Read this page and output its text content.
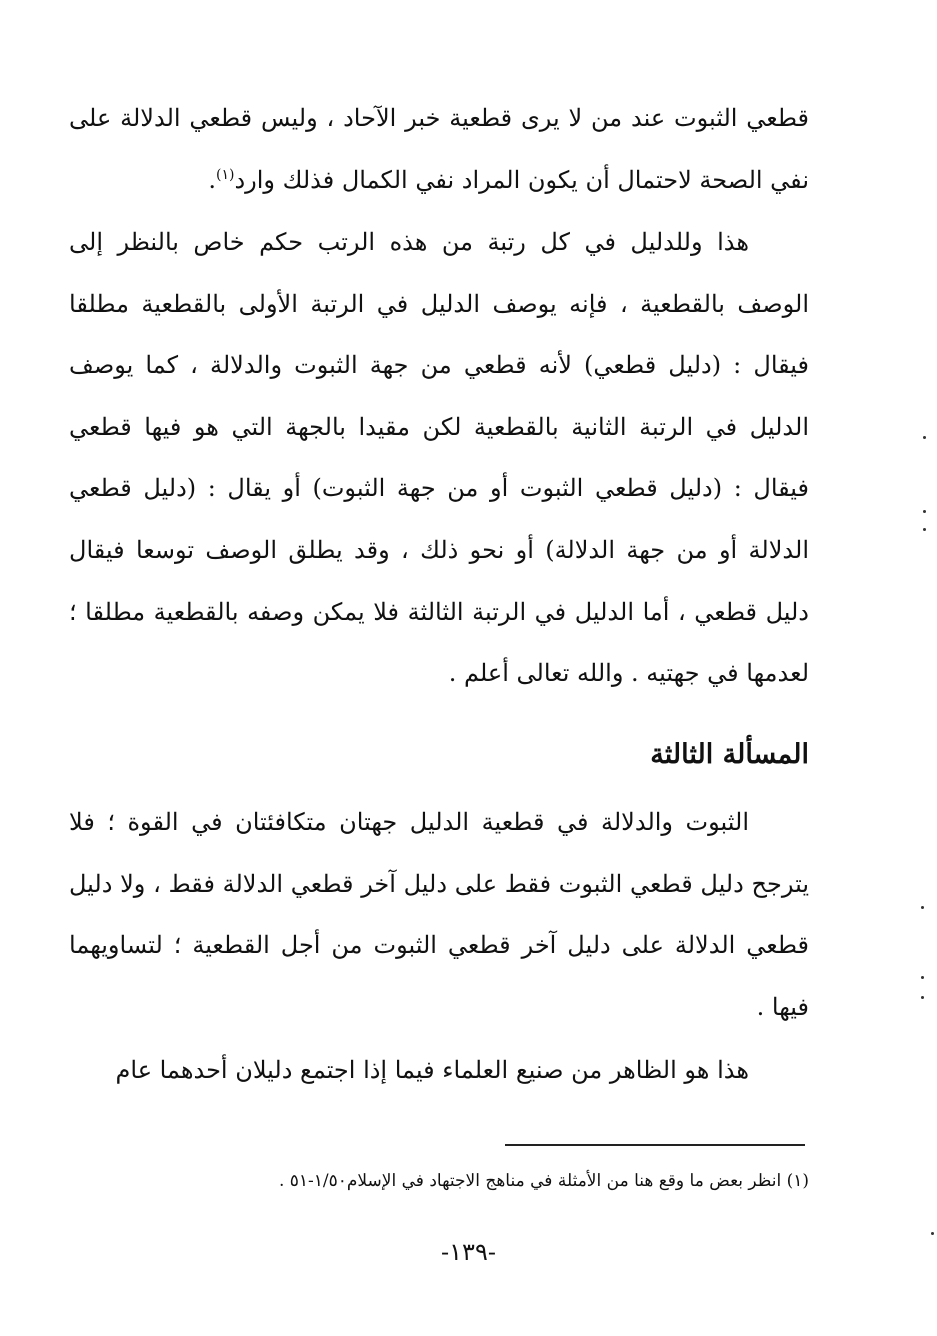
قطعي الثبوت عند من لا يرى قطعية خبر الآحاد ، وليس قطعي الدلالة على نفي الصحة لاحتمال أن يكون المراد نفي الكمال فذلك وارد$^{(١)}$.

هذا وللدليل في كل رتبة من هذه الرتب حكم خاص بالنظر إلى الوصف بالقطعية ، فإنه يوصف الدليل في الرتبة الأولى بالقطعية مطلقا فيقال : (دليل قطعي) لأنه قطعي من جهة الثبوت والدلالة ، كما يوصف الدليل في الرتبة الثانية بالقطعية لكن مقيدا بالجهة التي هو فيها قطعي فيقال : (دليل قطعي الثبوت أو من جهة الثبوت) أو يقال : (دليل قطعي الدلالة أو من جهة الدلالة) أو نحو ذلك ، وقد يطلق الوصف توسعا فيقال دليل قطعي ، أما الدليل في الرتبة الثالثة فلا يمكن وصفه بالقطعية مطلقا ؛ لعدمها في جهتيه . والله تعالى أعلم .

المسألة الثالثة

الثبوت والدلالة في قطعية الدليل جهتان متكافئتان في القوة ؛ فلا يترجح دليل قطعي الثبوت فقط على دليل آخر قطعي الدلالة فقط ، ولا دليل قطعي الدلالة على دليل آخر قطعي الثبوت من أجل القطعية ؛ لتساويهما فيها .

هذا هو الظاهر من صنيع العلماء فيما إذا اجتمع دليلان أحدهما عام

(١) انظر بعض ما وقع هنا من الأمثلة في مناهج الاجتهاد في الإسلام١/٥٠-٥١ .
-١٣٩-
